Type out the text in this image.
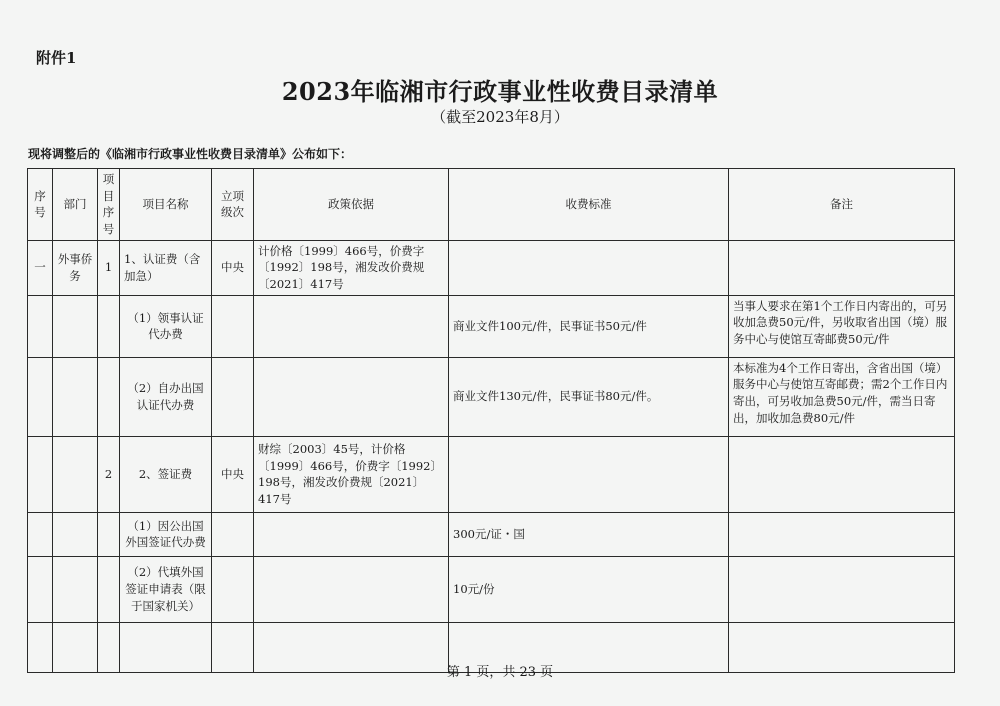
附件1
2023年临湘市行政事业性收费目录清单
（截至2023年8月）
现将调整后的《临湘市行政事业性收费目录清单》公布如下：
序号	部门	项目序号	项目名称	立项级次	政策依据	收费标准	备注
一	外事侨务	1	1、认证费（含加急）	中央	计价格〔1999〕466号，价费字〔1992〕198号，湘发改价费规〔2021〕417号		
			（1）领事认证代办费			商业文件100元/件，民事证书50元/件	当事人要求在第1个工作日内寄出的，可另收加急费50元/件，另收取省出国（境）服务中心与使馆互寄邮费50元/件
			（2）自办出国认证代办费			商业文件130元/件，民事证书80元/件。	本标准为4个工作日寄出，含省出国（境）服务中心与使馆互寄邮费；需2个工作日内寄出，可另收加急费50元/件，需当日寄出，加收加急费80元/件
		2	2、签证费	中央	财综〔2003〕45号，计价格〔1999〕466号，价费字〔1992〕198号，湘发改价费规〔2021〕417号		
			（1）因公出国外国签证代办费			300元/证・国	
			（2）代填外国签证申请表（限于国家机关）			10元/份	

第 1 页，共 23 页
